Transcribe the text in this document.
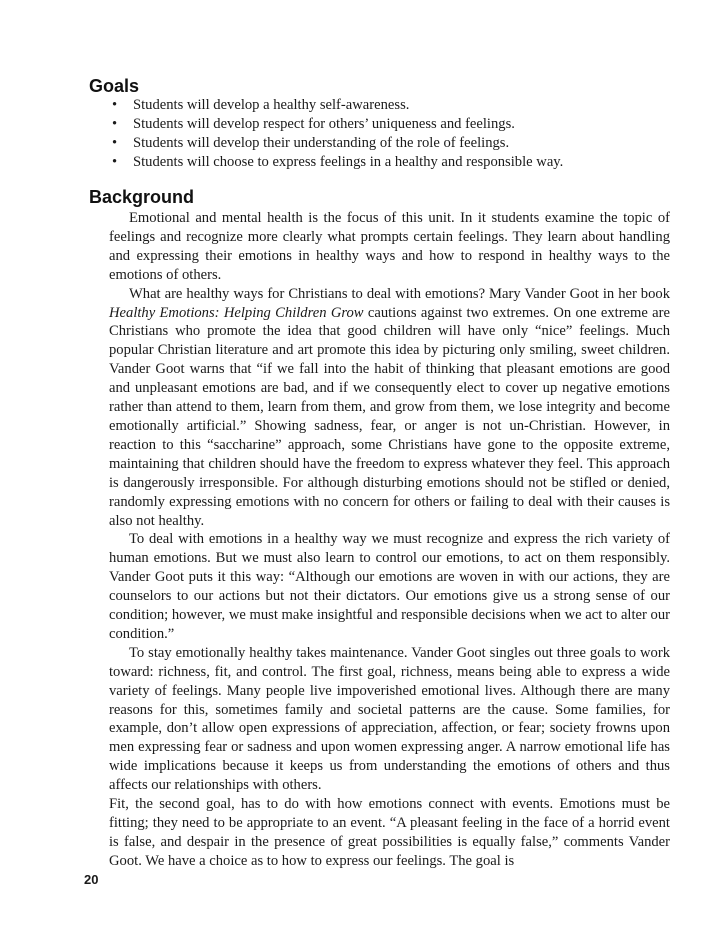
Goals
• Students will develop a healthy self-awareness.
• Students will develop respect for others’ uniqueness and feelings.
• Students will develop their understanding of the role of feelings.
• Students will choose to express feelings in a healthy and responsible way.
Background

Emotional and mental health is the focus of this unit. In it students examine the topic of feelings and recognize more clearly what prompts certain feelings. They learn about handling and expressing their emotions in healthy ways and how to respond in healthy ways to the emotions of others.

What are healthy ways for Christians to deal with emotions? Mary Vander Goot in her book Healthy Emotions: Helping Children Grow cautions against two extremes. On one extreme are Christians who promote the idea that good children will have only “nice” feelings. Much popular Christian literature and art promote this idea by picturing only smiling, sweet children. Vander Goot warns that “if we fall into the habit of thinking that pleasant emotions are good and unpleasant emotions are bad, and if we consequently elect to cover up negative emotions rather than attend to them, learn from them, and grow from them, we lose integrity and become emotionally artificial.” Showing sadness, fear, or anger is not un-Christian. However, in reaction to this “saccharine” approach, some Christians have gone to the opposite extreme, maintaining that children should have the freedom to express whatever they feel. This approach is dangerously irresponsible. For although disturbing emotions should not be stifled or denied, randomly expressing emotions with no concern for others or failing to deal with their causes is also not healthy.

To deal with emotions in a healthy way we must recognize and express the rich variety of human emotions. But we must also learn to control our emotions, to act on them responsibly. Vander Goot puts it this way: “Although our emotions are woven in with our actions, they are counselors to our actions but not their dictators. Our emotions give us a strong sense of our condition; however, we must make insightful and responsible decisions when we act to alter our condition.”

To stay emotionally healthy takes maintenance. Vander Goot singles out three goals to work toward: richness, fit, and control. The first goal, richness, means being able to express a wide variety of feelings. Many people live impoverished emotional lives. Although there are many reasons for this, sometimes family and societal patterns are the cause. Some families, for example, don’t allow open expressions of appreciation, affection, or fear; society frowns upon men expressing fear or sadness and upon women expressing anger. A narrow emotional life has wide implications because it keeps us from understanding the emotions of others and thus affects our relationships with others.

Fit, the second goal, has to do with how emotions connect with events. Emotions must be fitting; they need to be appropriate to an event. “A pleasant feeling in the face of a horrid event is false, and despair in the presence of great possibilities is equally false,” comments Vander Goot. We have a choice as to how to express our feelings. The goal is

20
